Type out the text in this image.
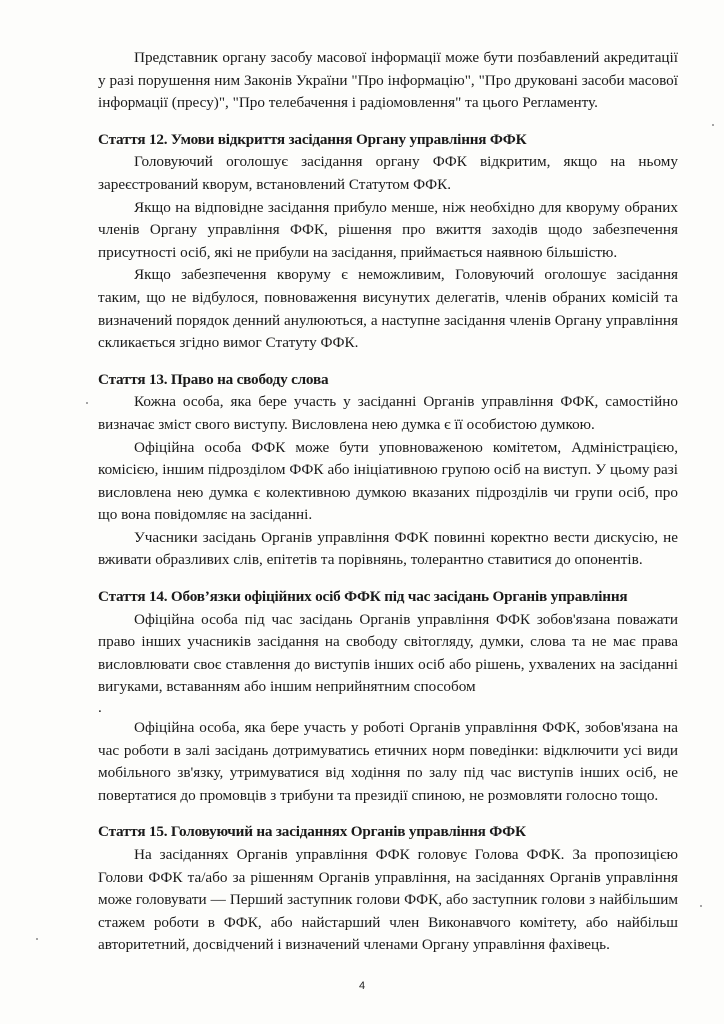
Представник органу засобу масової інформації може бути позбавлений акредитації у разі порушення ним Законів України "Про інформацію", "Про друковані засоби масової інформації (пресу)", "Про телебачення і радіомовлення" та цього Регламенту.

Стаття 12. Умови відкриття засідання Органу управління ФФК

Головуючий оголошує засідання органу ФФК відкритим, якщо на ньому зареєстрований кворум, встановлений Статутом ФФК.

Якщо на відповідне засідання прибуло менше, ніж необхідно для кворуму обраних членів Органу управління ФФК, рішення про вжиття заходів щодо забезпечення присутності осіб, які не прибули на засідання, приймається наявною більшістю.

Якщо забезпечення кворуму є неможливим, Головуючий оголошує засідання таким, що не відбулося, повноваження висунутих делегатів, членів обраних комісій та визначений порядок денний анулюються, а наступне засідання членів Органу управління скликається згідно вимог Статуту ФФК.

Стаття 13. Право на свободу слова

Кожна особа, яка бере участь у засіданні Органів управління ФФК, самостійно визначає зміст свого виступу. Висловлена нею думка є її особистою думкою.

Офіційна особа ФФК може бути уповноваженою комітетом, Адміністрацією, комісією, іншим підрозділом ФФК або ініціативною групою осіб на виступ. У цьому разі висловлена нею думка є колективною думкою вказаних підрозділів чи групи осіб, про що вона повідомляє на засіданні.

Учасники засідань Органів управління ФФК повинні коректно вести дискусію, не вживати образливих слів, епітетів та порівнянь, толерантно ставитися до опонентів.

Стаття 14. Обов’язки офіційних осіб ФФК під час засідань Органів управління

Офіційна особа під час засідань Органів управління ФФК зобов'язана поважати право інших учасників засідання на свободу світогляду, думки, слова та не має права висловлювати своє ставлення до виступів інших осіб або рішень, ухвалених на засіданні вигуками, вставанням або іншим неприйнятним способом

.

Офіційна особа, яка бере участь у роботі Органів управління ФФК, зобов'язана на час роботи в залі засідань дотримуватись етичних норм поведінки: відключити усі види мобільного зв'язку, утримуватися від ходіння по залу під час виступів інших осіб, не повертатися до промовців з трибуни та президії спиною, не розмовляти голосно тощо.

Стаття 15. Головуючий на засіданнях Органів управління ФФК

На засіданнях Органів управління ФФК головує Голова ФФК. За пропозицією Голови ФФК та/або за рішенням Органів управління, на засіданнях Органів управління може головувати — Перший заступник голови ФФК, або заступник голови з найбільшим стажем роботи в ФФК, або найстарший член Виконавчого комітету, або найбільш авторитетний, досвідчений і визначений членами Органу управління фахівець.

4
